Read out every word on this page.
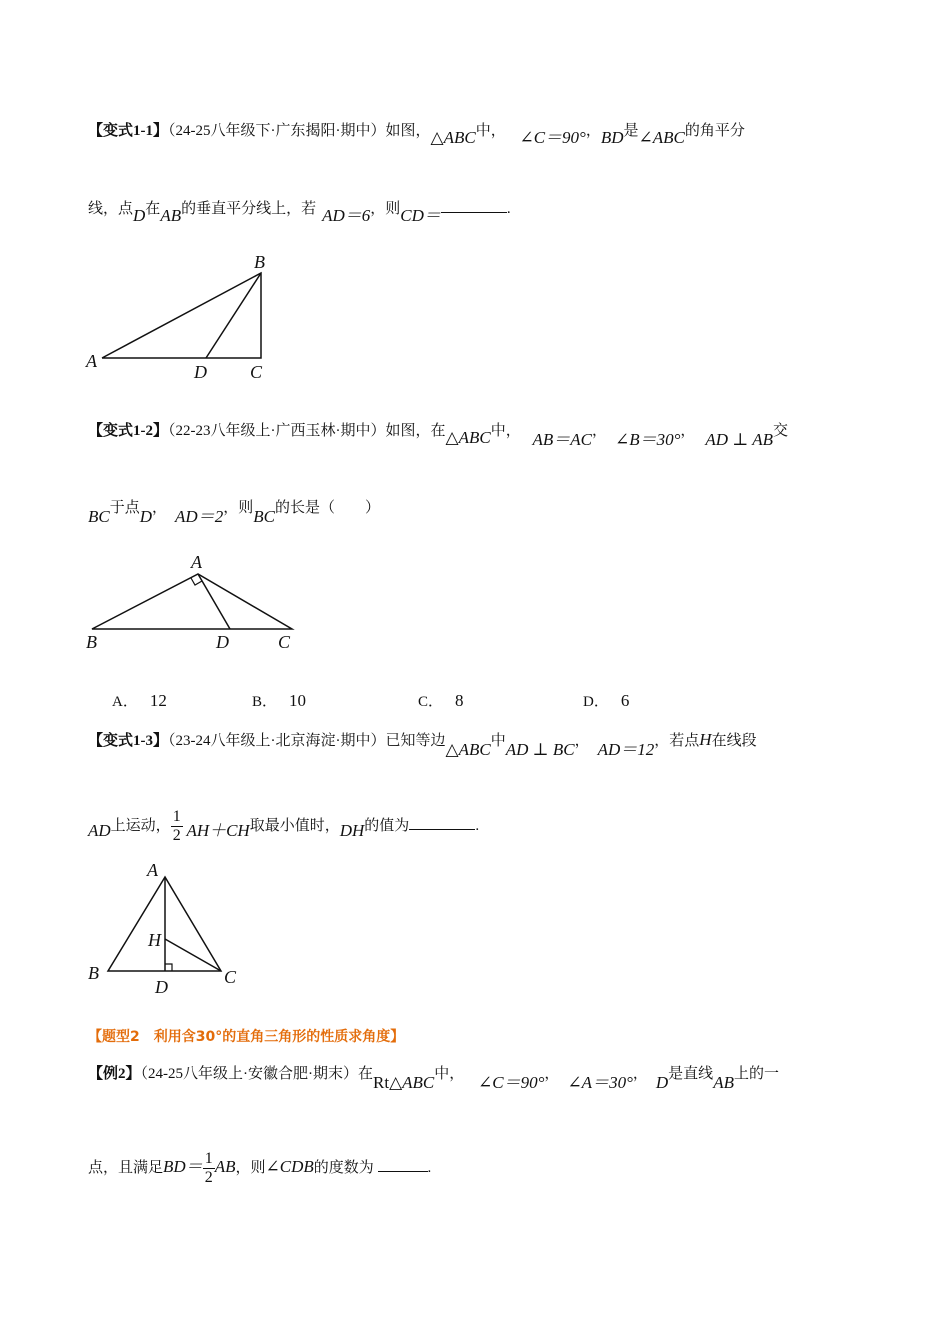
【变式1-1】（24-25八年级下·广东揭阳·期中）如图，△ABC中， ∠C＝90°，BD是∠ABC的角平分
线，点D在AB的垂直平分线上，若 AD＝6，则CD＝	.
B
A
D C
【变式1-2】（22-23八年级上·广西玉林·期中）如图，在△ABC中， AB＝AC， ∠B＝30°， AD ⊥ AB交
BC于点D， AD＝2，则BC的长是（　　）
A
B	D	C
A． 12	B． 10	C． 8	D． 6
【变式1-3】（23-24八年级上·北京海淀·期中）已知等边△ABC中AD ⊥ BC， AD＝12，若点H在线段
AD上运动， $\frac{1}{2} AH+CH$取最小值时，DH的值为	.
A
H
B	C
D
【题型2　利用含30°的直角三角形的性质求角度】
【例2】（24-25八年级上·安徽合肥·期末）在Rt△ABC中， ∠C＝90°， ∠A＝30°， D是直线AB上的一
点，且满足$BD= \frac{1}{2}$ AB，则∠CDB的度数为	.
